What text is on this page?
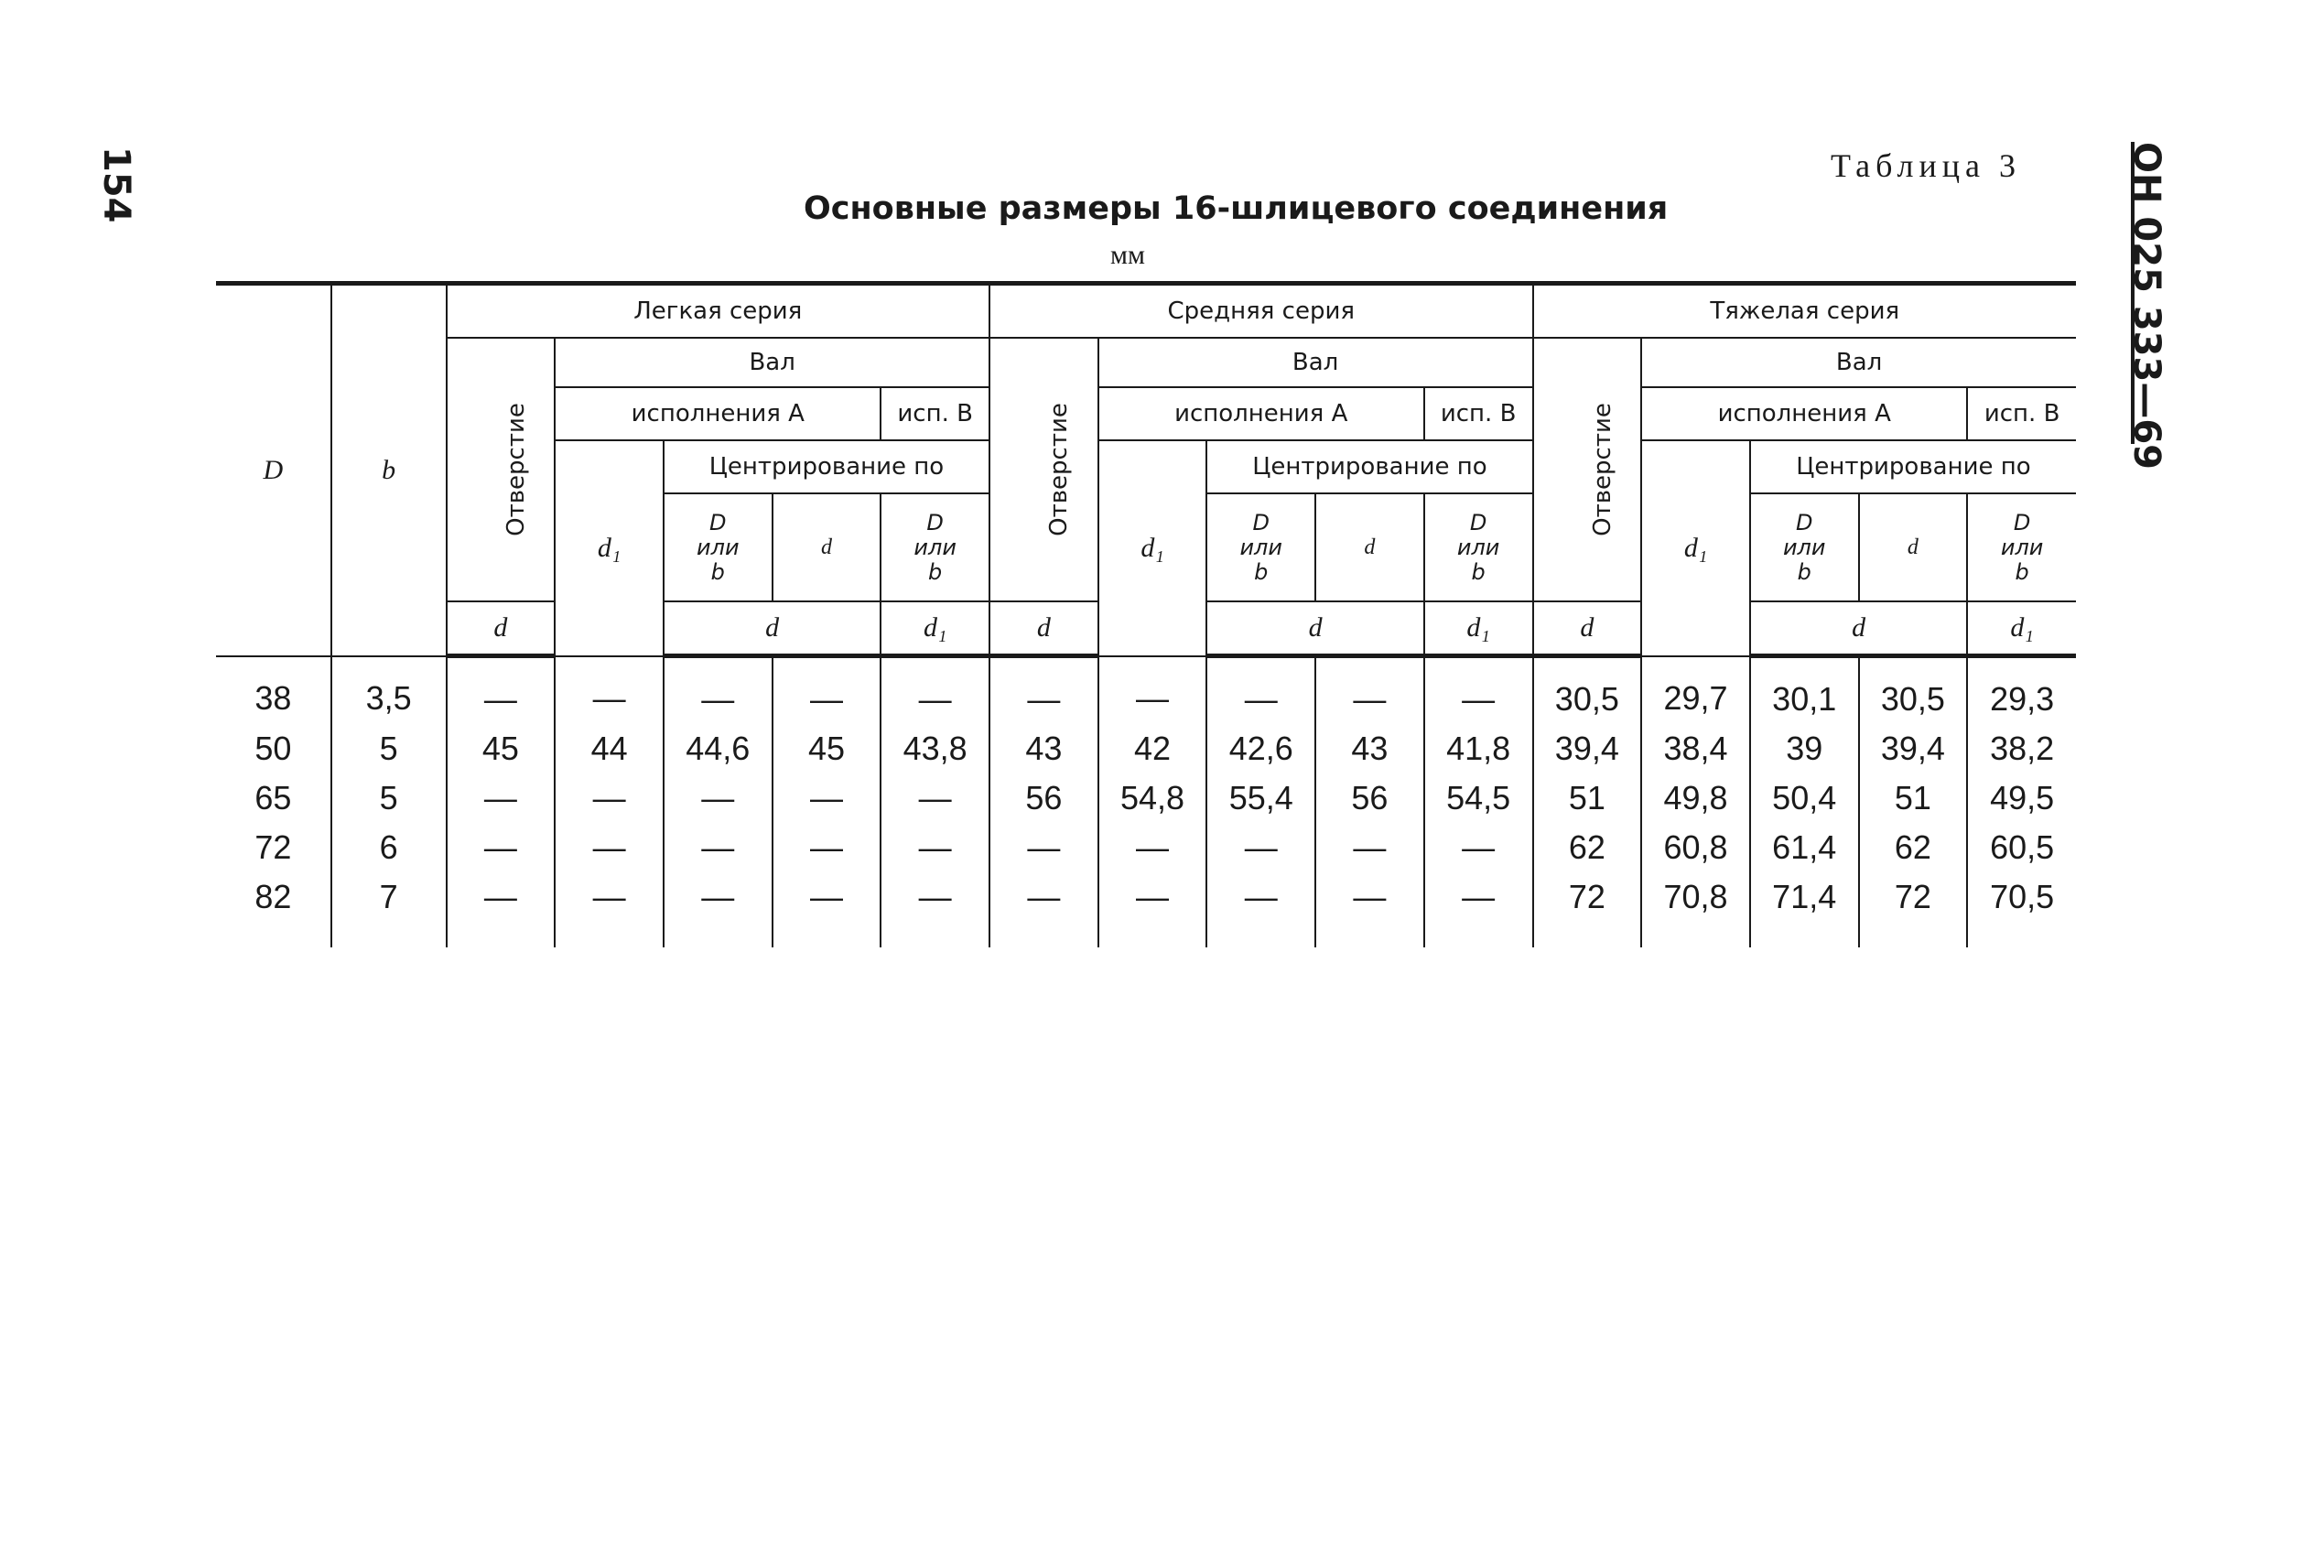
154	ОН 025 333—69
Таблица 3
Основные размеры 16-шлицевого соединения
мм
D	b	Легкая серия					Средняя серия					Тяжелая серия				
		Отверстие	Вал				Отверстие	Вал				Отверстие	Вал			
			исполнения A			исп. B		исполнения A			исп. B		исполнения A			исп. B
			d₁	Центрирование по				d₁	Центрирование по				d₁	Центрирование по		
				D
или
b	d	D
или
b			D
или
b	d	D
или
b			D
или
b	d	D
или
b
		d		d		d₁	d		d		d₁	d		d		d₁
38	3,5	—	—	—	—	—	—	—	—	—	—	30,5	29,7	30,1	30,5	29,3
50	5	45	44	44,6	45	43,8	43	42	42,6	43	41,8	39,4	38,4	39	39,4	38,2
65	5	—	—	—	—	—	56	54,8	55,4	56	54,5	51	49,8	50,4	51	49,5
72	6	—	—	—	—	—	—	—	—	—	—	62	60,8	61,4	62	60,5
82	7	—	—	—	—	—	—	—	—	—	—	72	70,8	71,4	72	70,5
